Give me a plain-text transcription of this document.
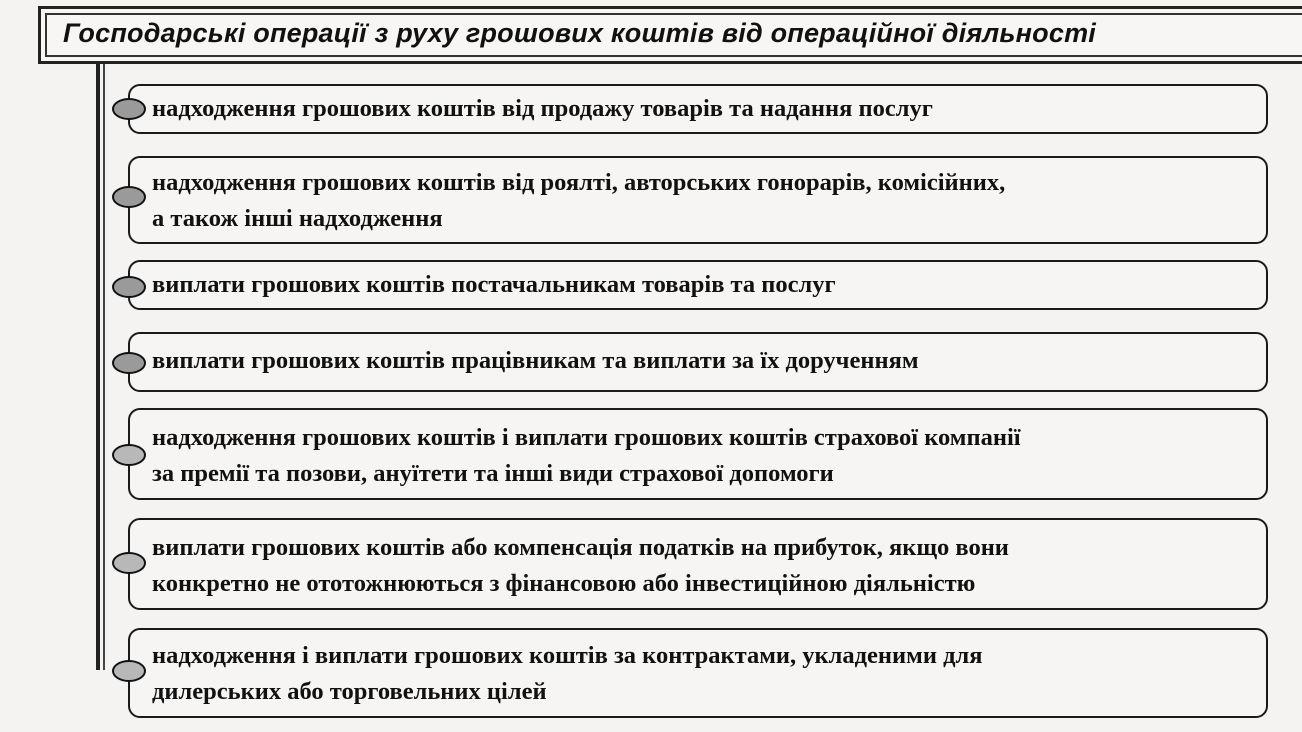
Господарські операції з руху грошових коштів від операційної діяльності
надходження грошових коштів від продажу товарів та надання послуг
надходження грошових коштів від роялті, авторських гонорарів, комісійних,
а також інші надходження
виплати грошових коштів постачальникам товарів та послуг
виплати грошових коштів працівникам та виплати за їх дорученням
надходження грошових коштів і виплати грошових коштів страхової компанії
за премії та позови, ануїтети та інші види страхової допомоги
виплати грошових коштів або компенсація податків на прибуток, якщо вони
конкретно не ототожнюються з фінансовою або інвестиційною діяльністю
надходження і виплати грошових коштів за контрактами, укладеними для
дилерських або торговельних цілей
